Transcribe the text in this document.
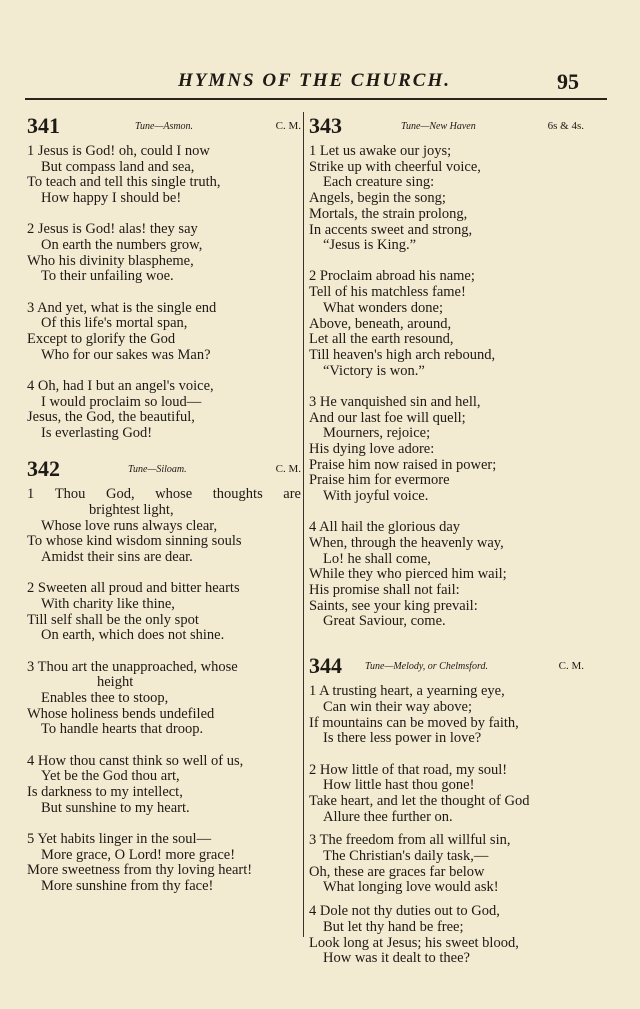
HYMNS OF THE CHURCH.	95
341	Tune—Asmon.	C. M.
1 Jesus is God! oh, could I now
But compass land and sea,
To teach and tell this single truth,
How happy I should be!
2 Jesus is God! alas! they say
On earth the numbers grow,
Who his divinity blaspheme,
To their unfailing woe.
3 And yet, what is the single end
Of this life's mortal span,
Except to glorify the God
Who for our sakes was Man?
4 Oh, had I but an angel's voice,
I would proclaim so loud—
Jesus, the God, the beautiful,
Is everlasting God!
342	Tune—Siloam.	C. M.
1 Thou God, whose thoughts are
brightest light,
Whose love runs always clear,
To whose kind wisdom sinning souls
Amidst their sins are dear.
2 Sweeten all proud and bitter hearts
With charity like thine,
Till self shall be the only spot
On earth, which does not shine.
3 Thou art the unapproached, whose
height
Enables thee to stoop,
Whose holiness bends undefiled
To handle hearts that droop.
4 How thou canst think so well of us,
Yet be the God thou art,
Is darkness to my intellect,
But sunshine to my heart.
5 Yet habits linger in the soul—
More grace, O Lord! more grace!
More sweetness from thy loving heart!
More sunshine from thy face!
343	Tune—New Haven	6s & 4s.
1 Let us awake our joys;
Strike up with cheerful voice,
Each creature sing:
Angels, begin the song;
Mortals, the strain prolong,
In accents sweet and strong,
“Jesus is King.”
2 Proclaim abroad his name;
Tell of his matchless fame!
What wonders done;
Above, beneath, around,
Let all the earth resound,
Till heaven's high arch rebound,
“Victory is won.”
3 He vanquished sin and hell,
And our last foe will quell;
Mourners, rejoice;
His dying love adore:
Praise him now raised in power;
Praise him for evermore
With joyful voice.
4 All hail the glorious day
When, through the heavenly way,
Lo! he shall come,
While they who pierced him wail;
His promise shall not fail:
Saints, see your king prevail:
Great Saviour, come.
344 Tune—Melody, or Chelmsford.	C. M.
1 A trusting heart, a yearning eye,
Can win their way above;
If mountains can be moved by faith,
Is there less power in love?
2 How little of that road, my soul!
How little hast thou gone!
Take heart, and let the thought of God
Allure thee further on.
3 The freedom from all willful sin,
The Christian's daily task,—
Oh, these are graces far below
What longing love would ask!
4 Dole not thy duties out to God,
But let thy hand be free;
Look long at Jesus; his sweet blood,
How was it dealt to thee?
